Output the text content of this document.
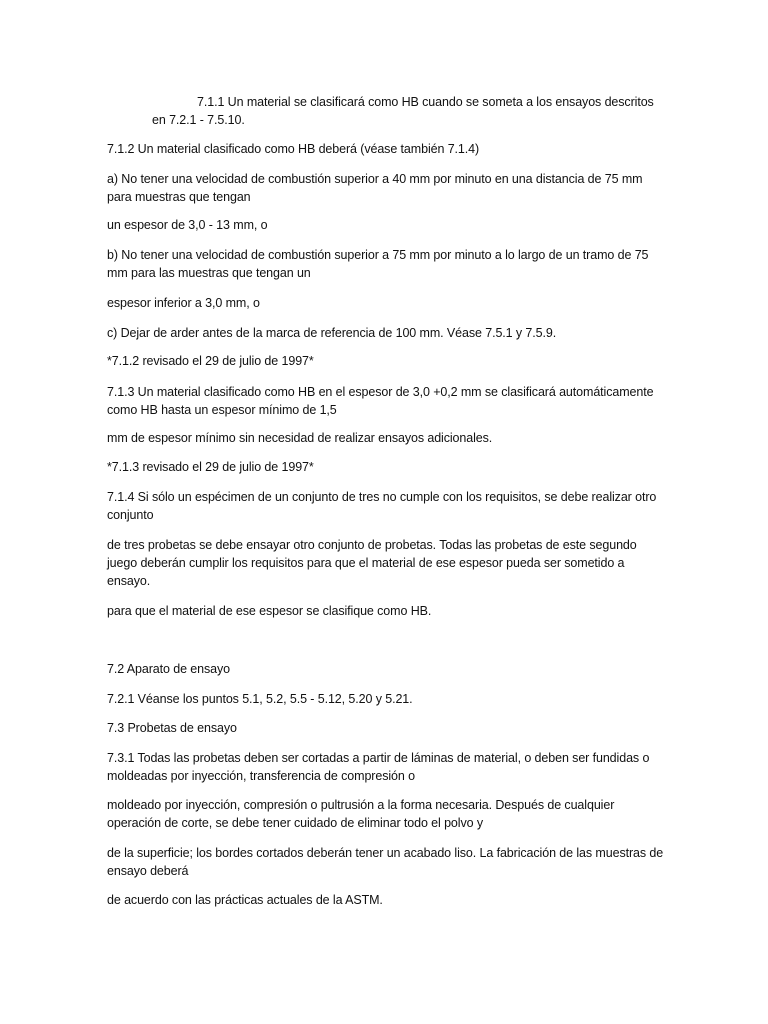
7.1.1 Un material se clasificará como HB cuando se someta a los ensayos descritos

en 7.2.1 - 7.5.10.

7.1.2 Un material clasificado como HB deberá (véase también 7.1.4)

a) No tener una velocidad de combustión superior a 40 mm por minuto en una distancia de 75 mm para muestras que tengan

un espesor de 3,0 - 13 mm, o

b) No tener una velocidad de combustión superior a 75 mm por minuto a lo largo de un tramo de 75 mm para las muestras que tengan un

espesor inferior a 3,0 mm, o

c) Dejar de arder antes de la marca de referencia de 100 mm. Véase 7.5.1 y 7.5.9.

*7.1.2 revisado el 29 de julio de 1997*

7.1.3 Un material clasificado como HB en el espesor de 3,0 +0,2 mm se clasificará automáticamente como HB hasta un espesor mínimo de 1,5

mm de espesor mínimo sin necesidad de realizar ensayos adicionales.

*7.1.3 revisado el 29 de julio de 1997*

7.1.4 Si sólo un espécimen de un conjunto de tres no cumple con los requisitos, se debe realizar otro conjunto

de tres probetas se debe ensayar otro conjunto de probetas. Todas las probetas de este segundo juego deberán cumplir los requisitos para que el material de ese espesor pueda ser sometido a ensayo.

para que el material de ese espesor se clasifique como HB.

7.2 Aparato de ensayo

7.2.1 Véanse los puntos 5.1, 5.2, 5.5 - 5.12, 5.20 y 5.21.

7.3 Probetas de ensayo

7.3.1 Todas las probetas deben ser cortadas a partir de láminas de material, o deben ser fundidas o moldeadas por inyección, transferencia de compresión o

moldeado por inyección, compresión o pultrusión a la forma necesaria. Después de cualquier operación de corte, se debe tener cuidado de eliminar todo el polvo y

de la superficie; los bordes cortados deberán tener un acabado liso. La fabricación de las muestras de ensayo deberá

de acuerdo con las prácticas actuales de la ASTM.
